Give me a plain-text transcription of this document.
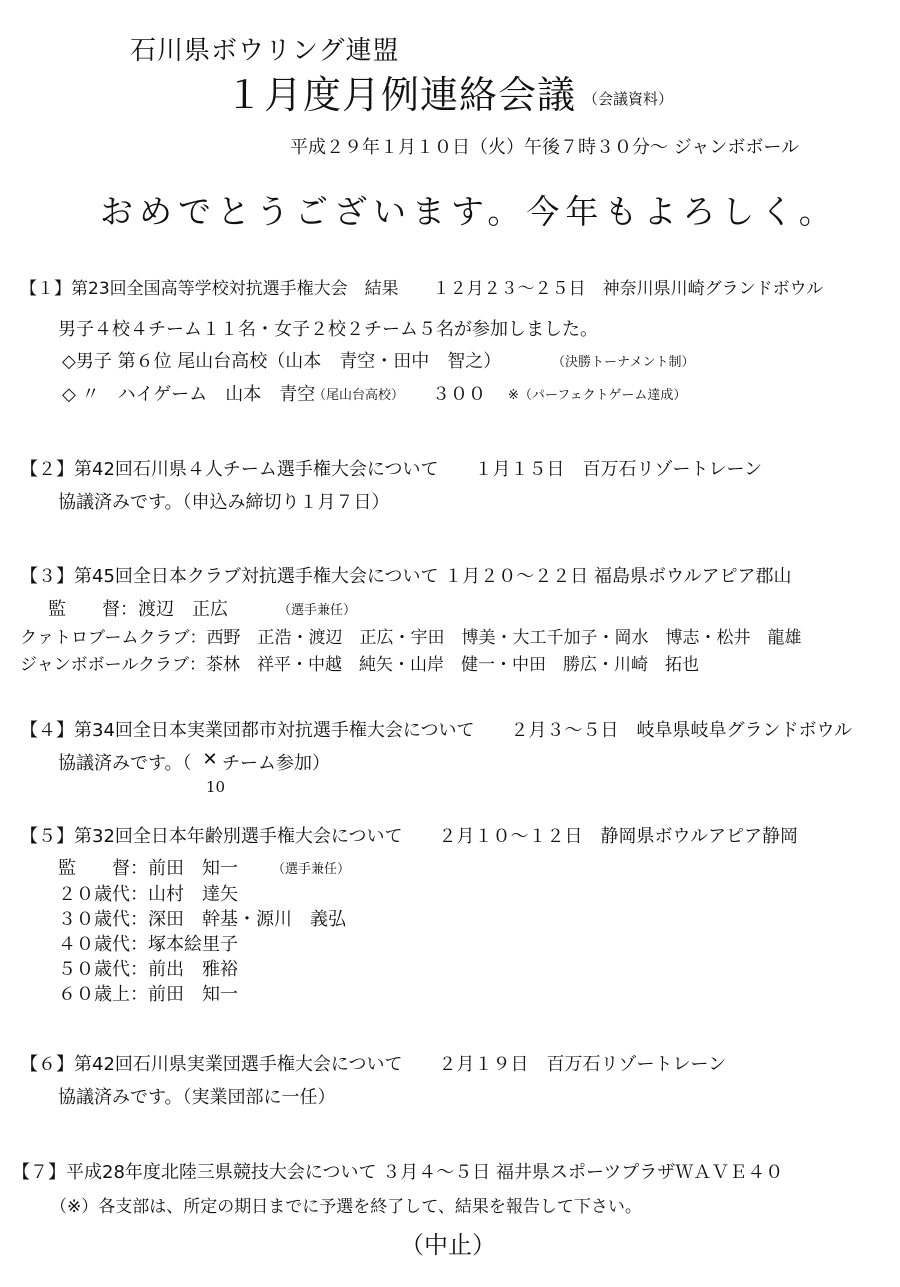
石川県ボウリング連盟
１月度月例連絡会議 （会議資料）
平成２９年１月１０日（火）午後７時３０分～ ジャンボボール
おめでとうございます。今年もよろしく。
【１】第23回全国高等学校対抗選手権大会　結果　　１２月２３～２５日　神奈川県川崎グランドボウル
男子４校４チーム１１名・女子２校２チーム５名が参加しました。
◇男子 第６位 尾山台高校（山本　青空・田中　智之）	（決勝トーナメント制）
◇ 〃　ハイゲーム　山本　青空
（尾山台高校） ３００ ※（パーフェクトゲーム達成）
【２】第42回石川県４人チーム選手権大会について　　１月１５日　百万石リゾートレーン
協議済みです。（申込み締切り１月７日）
【３】第45回全日本クラブ対抗選手権大会について １月２０～２２日 福島県ボウルアピア郡山
監　　督：渡辺　正広	（選手兼任）
クァトロブームクラブ：西野　正浩・渡辺　正広・宇田　博美・大工千加子・岡水　博志・松井　龍雄
ジャンボボールクラブ：茶林　祥平・中越　純矢・山岸　健一・中田　勝広・川崎　拓也
【４】第34回全日本実業団都市対抗選手権大会について　　２月３～５日　岐阜県岐阜グランドボウル
協議済みです。（ ✕ チーム参加）
10
【５】第32回全日本年齢別選手権大会について　　２月１０～１２日　静岡県ボウルアピア静岡
監　　督：前田　知一	（選手兼任）
２０歳代：山村　達矢
３０歳代：深田　幹基・源川　義弘
４０歳代：塚本絵里子
５０歳代：前出　雅裕
６０歳上：前田　知一
【６】第42回石川県実業団選手権大会について　　２月１９日　百万石リゾートレーン
協議済みです。（実業団部に一任）
【７】平成28年度北陸三県競技大会について ３月４～５日 福井県スポーツプラザＷＡＶＥ４０
（※）各支部は、所定の期日までに予選を終了して、結果を報告して下さい。
（中止）
